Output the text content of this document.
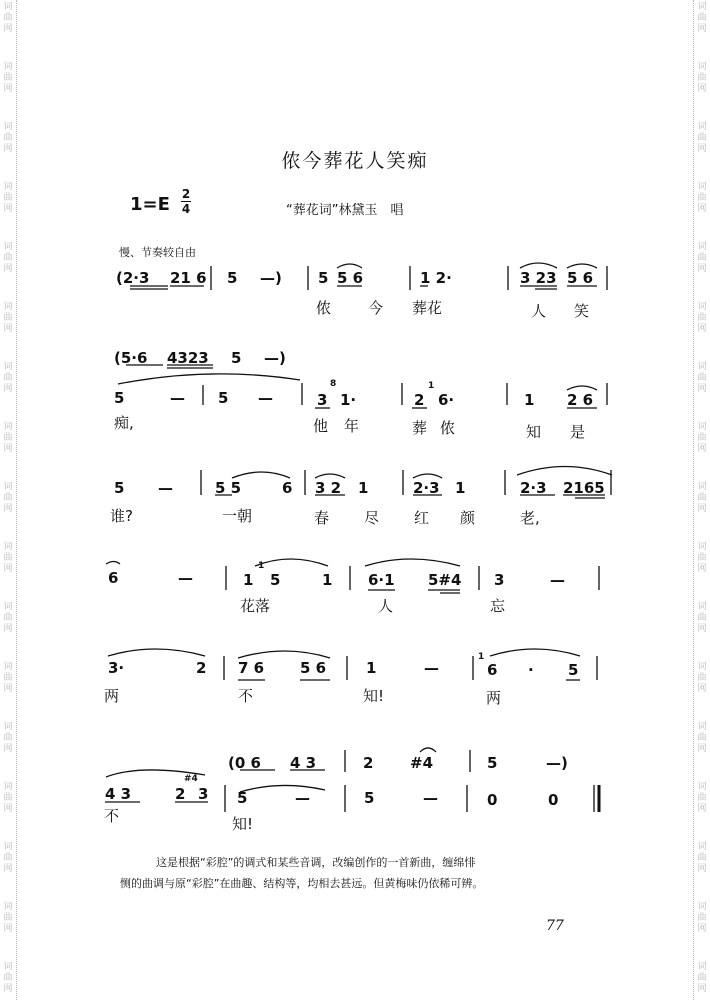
词
曲
网
词
曲
网
词
曲
网
词
曲
网
词
曲
网
词
曲
网
词
曲
网
词
曲
网
词
曲
网
词
曲
网
词
曲
网
词
曲
网
词
曲
网
词
曲
网
词
曲
网
词
曲
网
词
曲
网
词
曲
网
词
曲
网
词
曲
网
词
曲
网
词
曲
网
词
曲
网
词
曲
网
词
曲
网
词
曲
网
词
曲
网
词
曲
网
词
曲
网
词
曲
网
词
曲
网
词
曲
网
词
曲
网
词
曲
网
侬今葬花人笑痴
1=E 2
4	“葬花词”林黛玉　唱
慢、节奏较自由
(2·3 21 6 5 —) 5 5 6	1 2·	3 23 5 6
侬 今 葬花	人 笑
(5·6 4323 5 —)
5	— 5 —	3
8
1·	2
1
6·	1 2 6
痴,	他 年	葬 侬	知 是
5 —	5 5	6 3 2 1	2·3 1	2·3 2165
谁?	一朝	春 尽 红 颜	老,
6	—	1
1
5	1 6·1 5#4 3	—
花落	人	忘
3·	2 7 6 5 6	1	—
1
6 · 5
两	不	知!	两
(0 6 4 3	2 #4	5	—)
4 3	2
#4
3 5	—	5	—	0	0
不	知!

这是根据“彩腔”的调式和某些音调，改编创作的一首新曲，缠绵悱

恻的曲调与原“彩腔”在曲趣、结构等，均相去甚远。但黄梅味仍依稀可辨。

77
